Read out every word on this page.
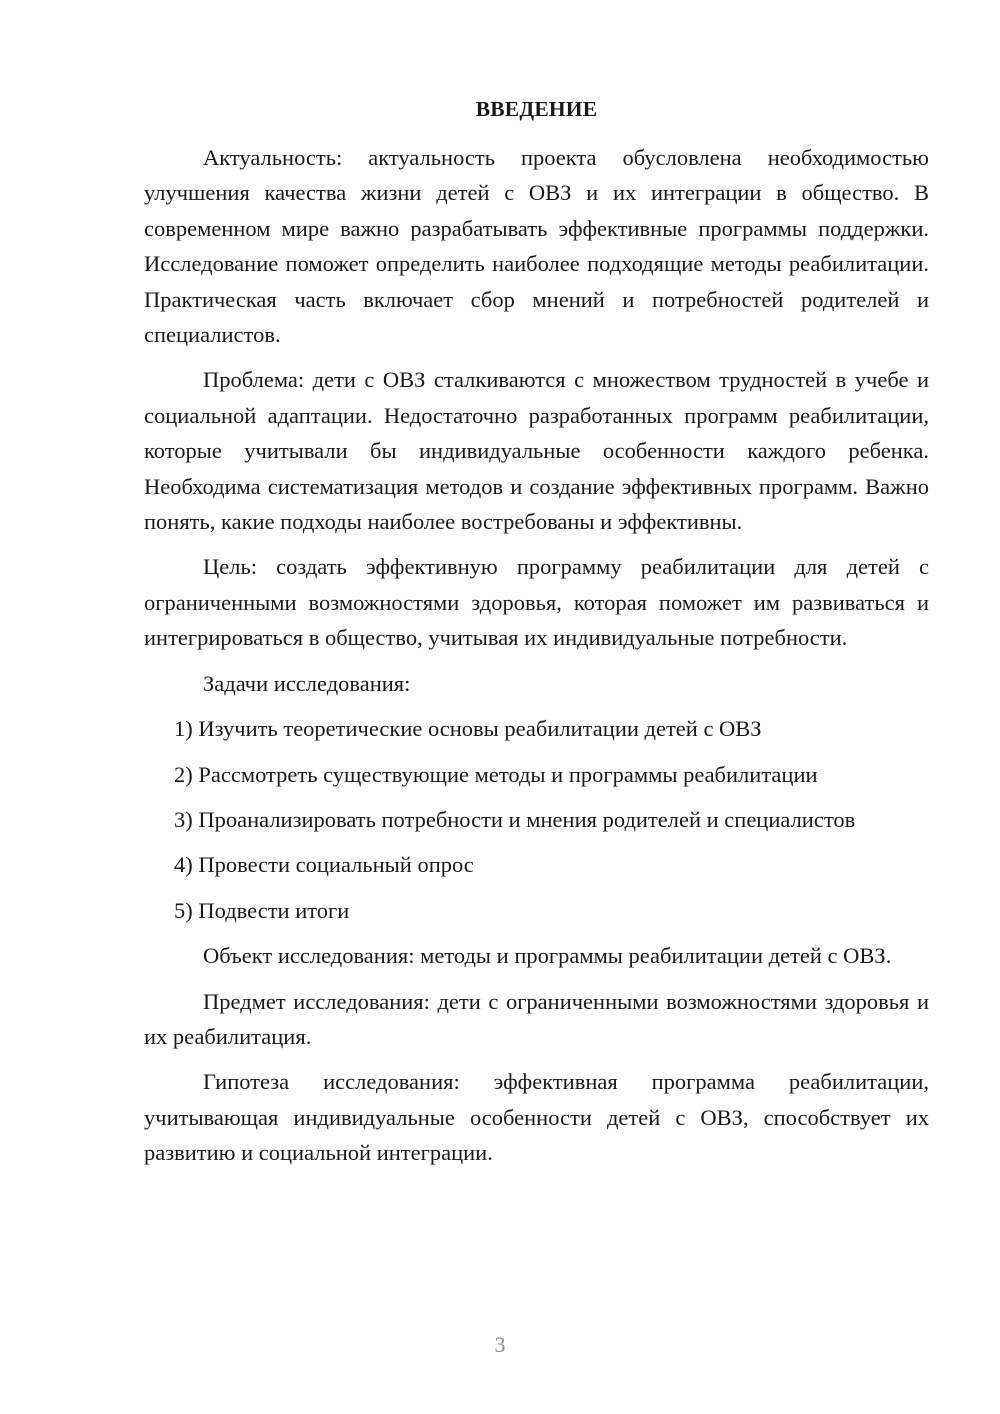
ВВЕДЕНИЕ

Актуальность: актуальность проекта обусловлена необходимостью улучшения качества жизни детей с ОВЗ и их интеграции в общество. В современном мире важно разрабатывать эффективные программы поддержки. Исследование поможет определить наиболее подходящие методы реабилитации. Практическая часть включает сбор мнений и потребностей родителей и специалистов.

Проблема: дети с ОВЗ сталкиваются с множеством трудностей в учебе и социальной адаптации. Недостаточно разработанных программ реабилитации, которые учитывали бы индивидуальные особенности каждого ребенка. Необходима систематизация методов и создание эффективных программ. Важно понять, какие подходы наиболее востребованы и эффективны.

Цель: создать эффективную программу реабилитации для детей с ограниченными возможностями здоровья, которая поможет им развиваться и интегрироваться в общество, учитывая их индивидуальные потребности.

Задачи исследования:

1) Изучить теоретические основы реабилитации детей с ОВЗ

2) Рассмотреть существующие методы и программы реабилитации

3) Проанализировать потребности и мнения родителей и специалистов

4) Провести социальный опрос

5) Подвести итоги

Объект исследования: методы и программы реабилитации детей с ОВЗ.

Предмет исследования: дети с ограниченными возможностями здоровья и их реабилитация.

Гипотеза исследования: эффективная программа реабилитации, учитывающая индивидуальные особенности детей с ОВЗ, способствует их развитию и социальной интеграции.

3
